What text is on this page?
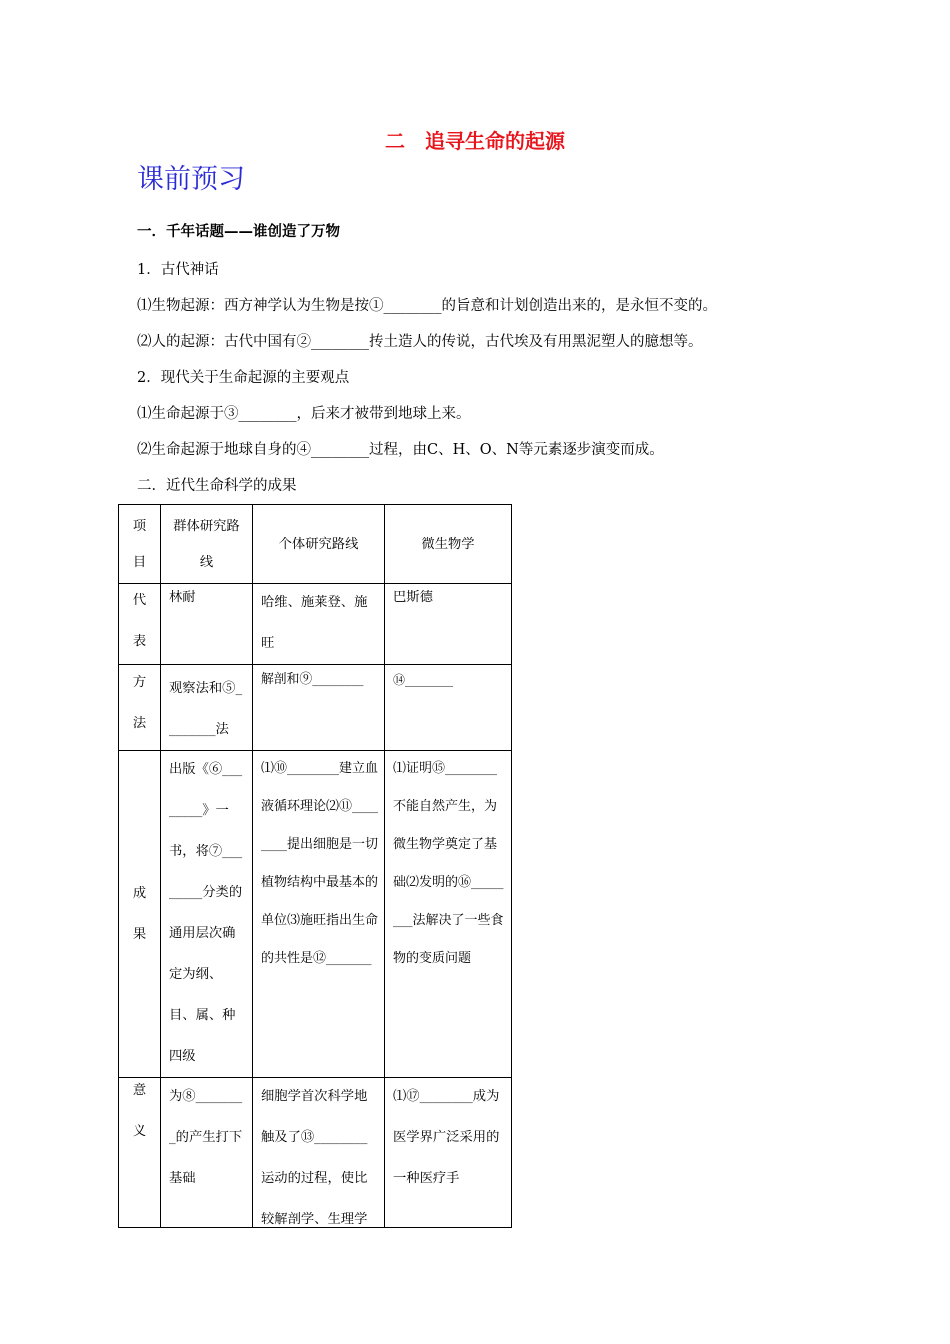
二　追寻生命的起源
课前预习
一．千年话题——谁创造了万物
1．古代神话
⑴生物起源：西方神学认为生物是按①________的旨意和计划创造出来的，是永恒不变的。
⑵人的起源：古代中国有②________抟土造人的传说，古代埃及有用黑泥塑人的臆想等。
2．现代关于生命起源的主要观点
⑴生命起源于③________，后来才被带到地球上来。
⑵生命起源于地球自身的④________过程，由C、H、O、N等元素逐步演变而成。
二．近代生命科学的成果
项目	群体研究路线	个体研究路线	微生物学

代表	林耐	哈维、施莱登、施旺	巴斯德

方法	观察法和⑤________法	解剖和⑨________	⑭________

成果	出版《⑥________》一书，将⑦________分类的通用层次确定为纲、目、属、种四级	⑴⑩________建立血液循环理论⑵⑪________提出细胞是一切植物结构中最基本的单位⑶施旺指出生命的共性是⑫_______	⑴证明⑮________不能自然产生，为微生物学奠定了基础⑵发明的⑯________法解决了一些食物的变质问题

意义	为⑧________的产生打下基础	细胞学首次科学地触及了⑬________运动的过程，使比较解剖学、生理学	⑴⑰________成为医学界广泛采用的一种医疗手
